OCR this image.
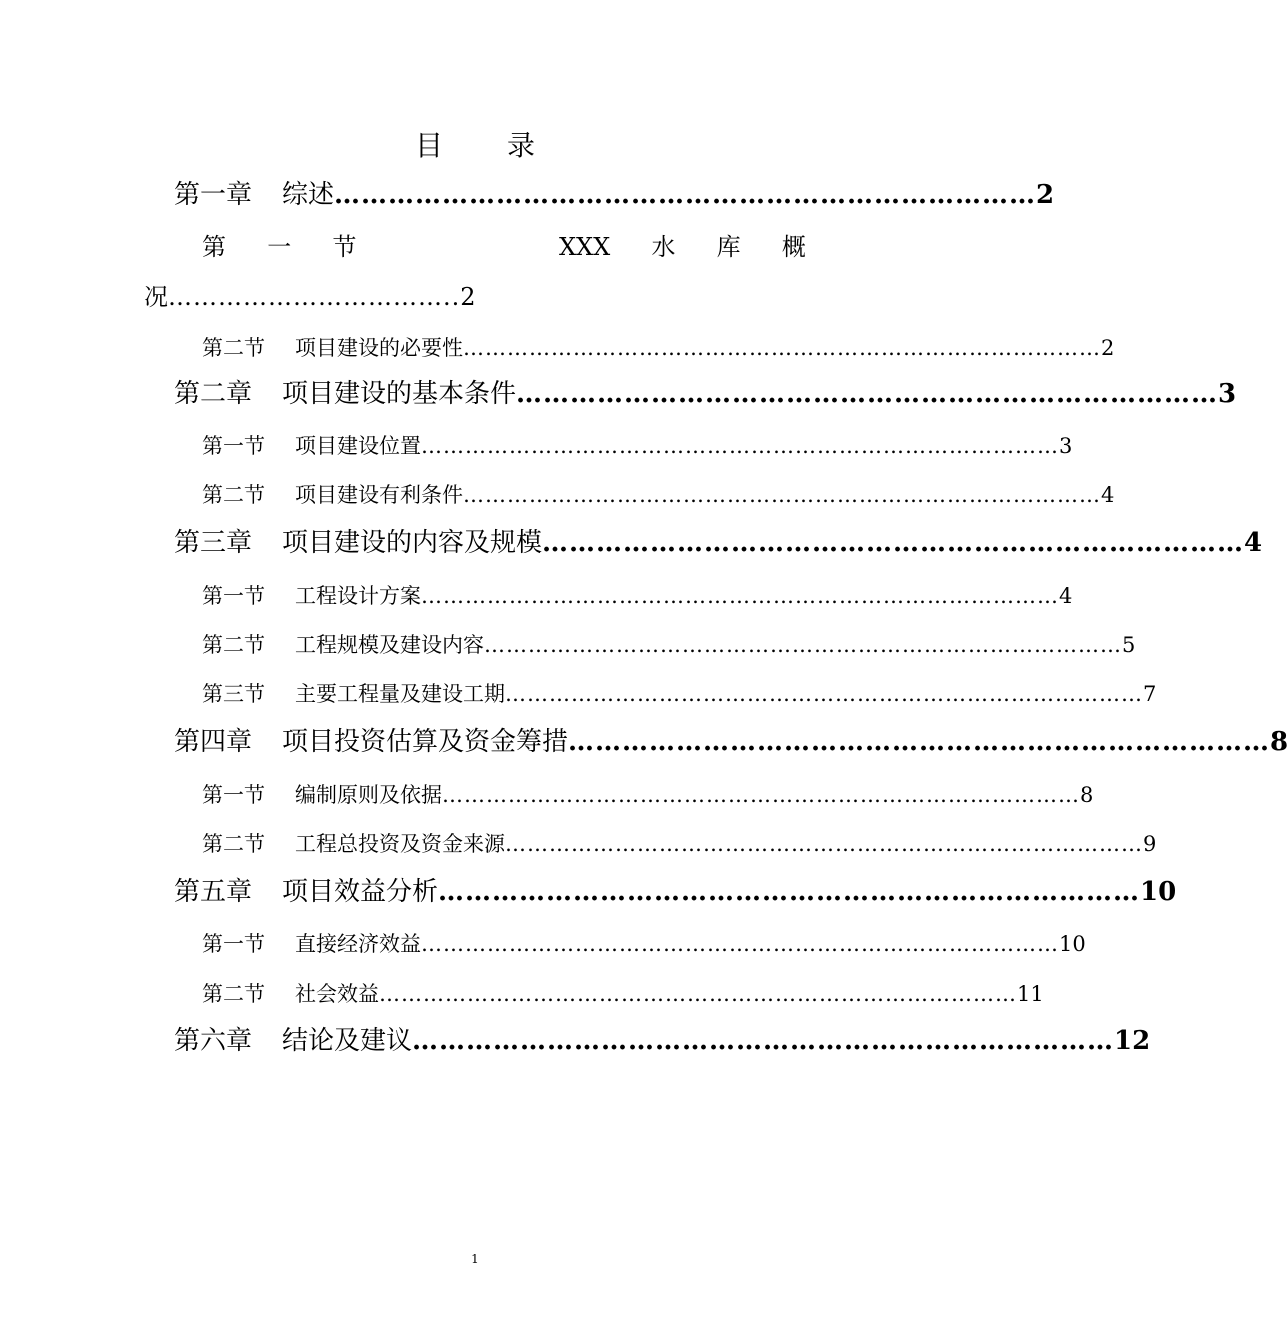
目录
第一章 综述 …………………………………………………………………… 2
第 一 节	XXX 水 库 概
况……………………………..2
第二节 项目建设的必要性 …………………………………………………………………………… 2
第二章 项目建设的基本条件 …………………………………………………………………… 3
第一节 项目建设位置 …………………………………………………………………………… 3
第二节 项目建设有利条件 …………………………………………………………………………… 4
第三章 项目建设的内容及规模 …………………………………………………………………… 4
第一节 工程设计方案 …………………………………………………………………………… 4
第二节 工程规模及建设内容 …………………………………………………………………………… 5
第三节 主要工程量及建设工期 …………………………………………………………………………… 7
第四章 项目投资估算及资金筹措 …………………………………………………………………… 8
第一节 编制原则及依据 …………………………………………………………………………… 8
第二节 工程总投资及资金来源 …………………………………………………………………………… 9
第五章 项目效益分析 …………………………………………………………………… 10
第一节 直接经济效益 …………………………………………………………………………… 10
第二节 社会效益 …………………………………………………………………………… 11
第六章 结论及建议 …………………………………………………………………… 12
1
